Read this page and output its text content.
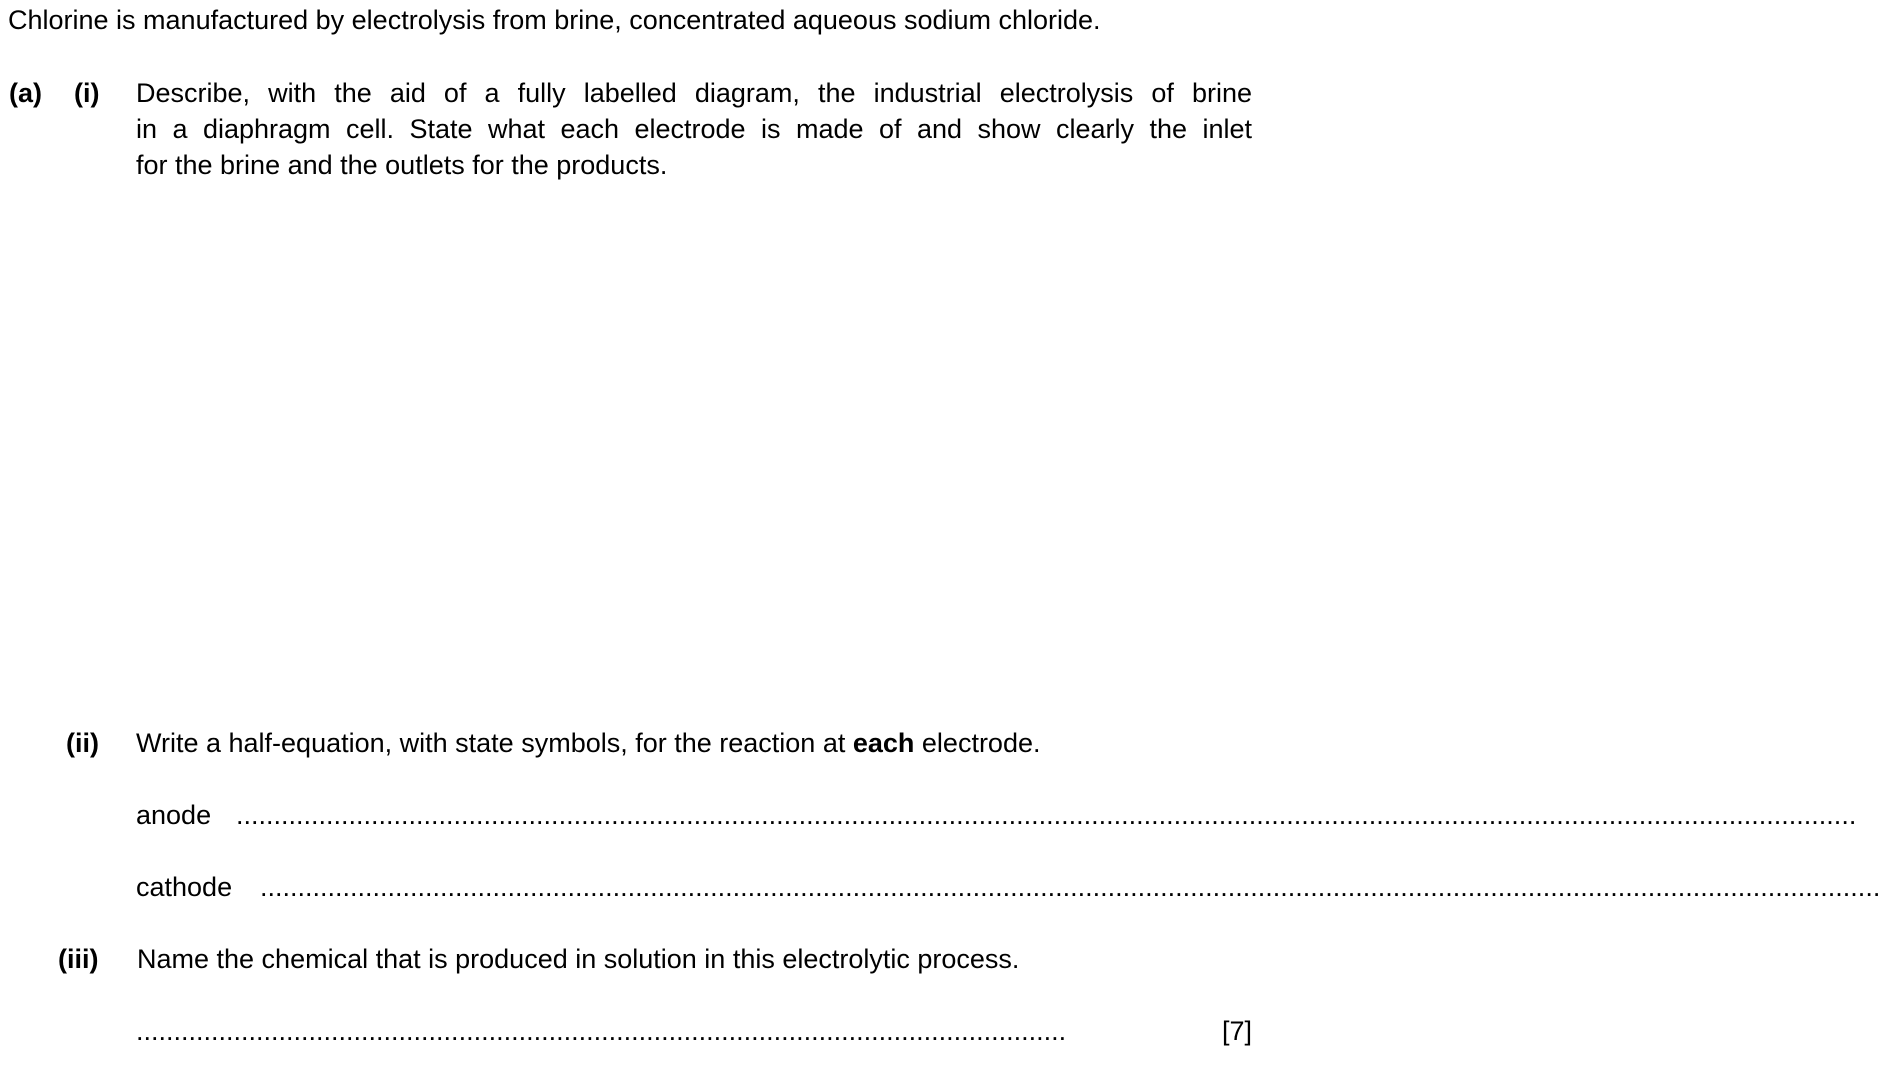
Chlorine is manufactured by electrolysis from brine, concentrated aqueous sodium chloride.
(a) (i) Describe, with the aid of a fully labelled diagram, the industrial electrolysis of brine
in a diaphragm cell. State what each electrode is made of and show clearly the inlet
for the brine and the outlets for the products.
(ii) Write a half-equation, with state symbols, for the reaction at each electrode.
anode ........................................................................................................................................................................................................................
cathode ........................................................................................................................................................................................................................
(iii) Name the chemical that is produced in solution in this electrolytic process.
............................................................................................................................	[7]
